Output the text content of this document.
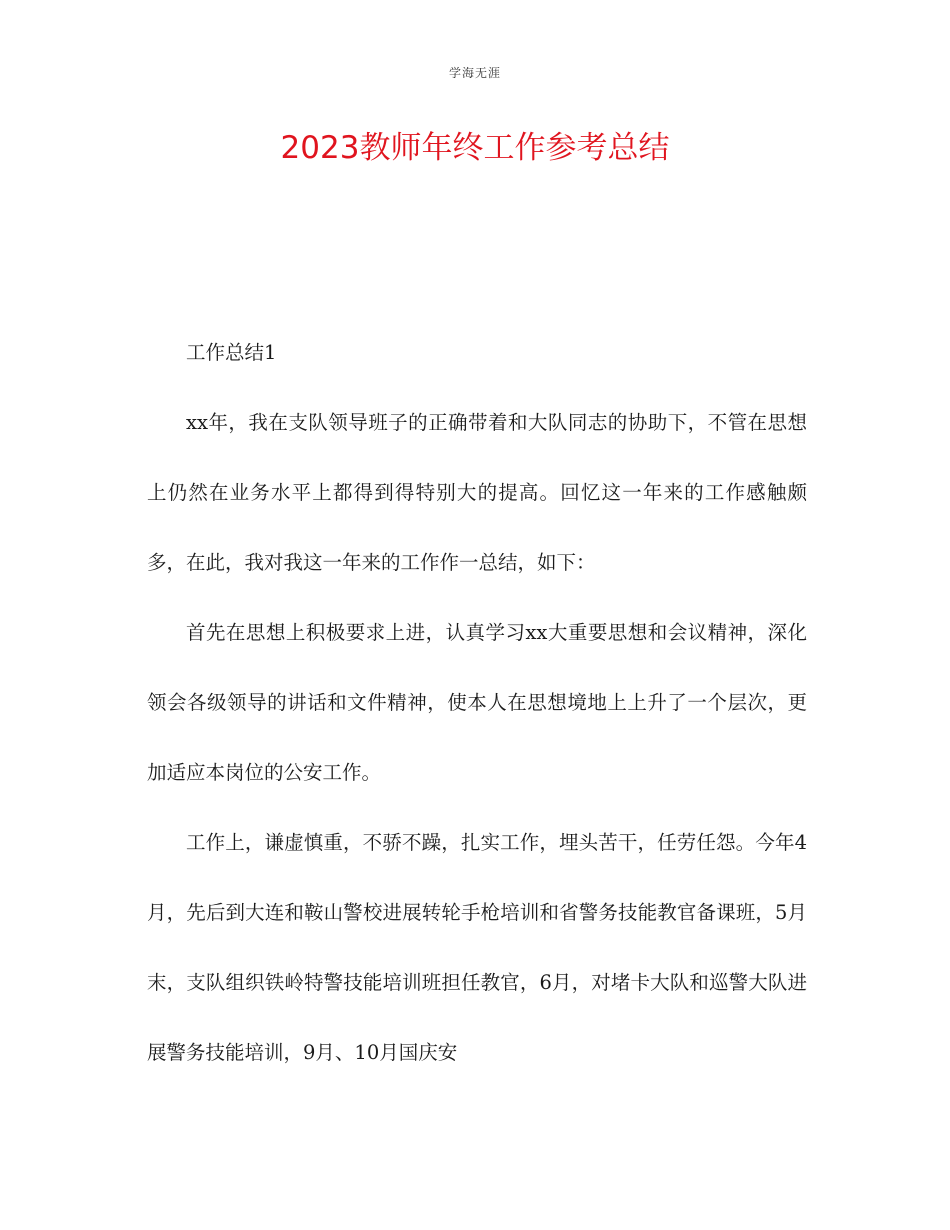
学海无涯
2023教师年终工作参考总结

工作总结1

xx年，我在支队领导班子的正确带着和大队同志的协助下，不管在思想上仍然在业务水平上都得到得特别大的提高。回忆这一年来的工作感触颇多，在此，我对我这一年来的工作作一总结，如下：

首先在思想上积极要求上进，认真学习xx大重要思想和会议精神，深化领会各级领导的讲话和文件精神，使本人在思想境地上上升了一个层次，更加适应本岗位的公安工作。

工作上，谦虚慎重，不骄不躁，扎实工作，埋头苦干，任劳任怨。今年4月，先后到大连和鞍山警校进展转轮手枪培训和省警务技能教官备课班，5月末，支队组织铁岭特警技能培训班担任教官，6月，对堵卡大队和巡警大队进展警务技能培训，9月、10月国庆安
